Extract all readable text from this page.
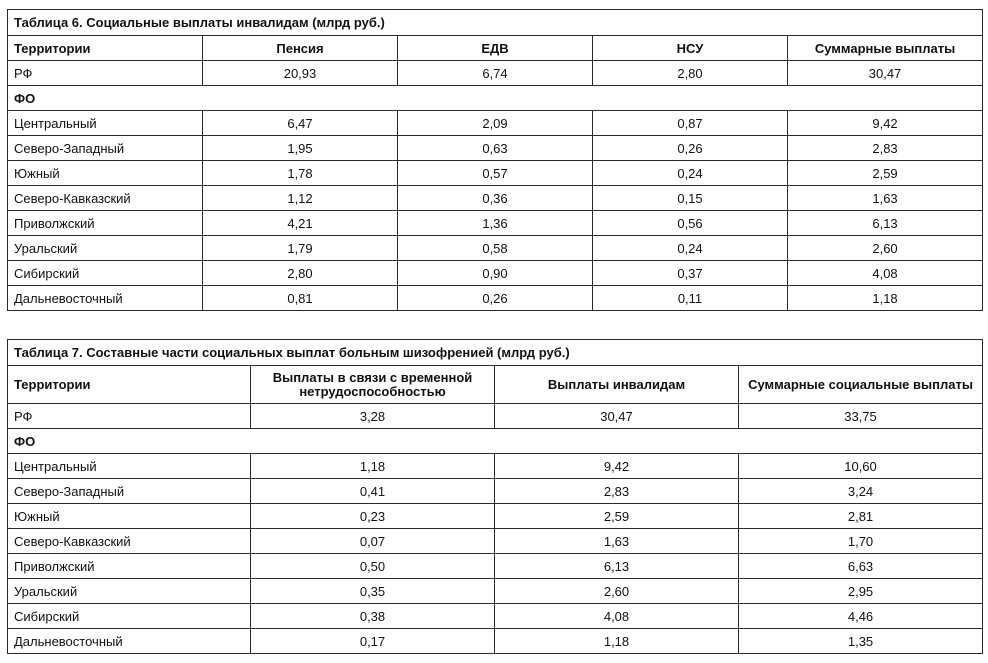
Таблица 6. Социальные выплаты инвалидам (млрд руб.)				
Территории	Пенсия	ЕДВ	НСУ	Суммарные выплаты
РФ	20,93	6,74	2,80	30,47
ФО				
Центральный	6,47	2,09	0,87	9,42
Северо-Западный	1,95	0,63	0,26	2,83
Южный	1,78	0,57	0,24	2,59
Северо-Кавказский	1,12	0,36	0,15	1,63
Приволжский	4,21	1,36	0,56	6,13
Уральский	1,79	0,58	0,24	2,60
Сибирский	2,80	0,90	0,37	4,08
Дальневосточный	0,81	0,26	0,11	1,18
Таблица 7. Составные части социальных выплат больным шизофренией (млрд руб.)			
Территории	Выплаты в связи с временной нетрудоспособностью	Выплаты инвалидам	Суммарные социальные выплаты
РФ	3,28	30,47	33,75
ФО			
Центральный	1,18	9,42	10,60
Северо-Западный	0,41	2,83	3,24
Южный	0,23	2,59	2,81
Северо-Кавказский	0,07	1,63	1,70
Приволжский	0,50	6,13	6,63
Уральский	0,35	2,60	2,95
Сибирский	0,38	4,08	4,46
Дальневосточный	0,17	1,18	1,35
